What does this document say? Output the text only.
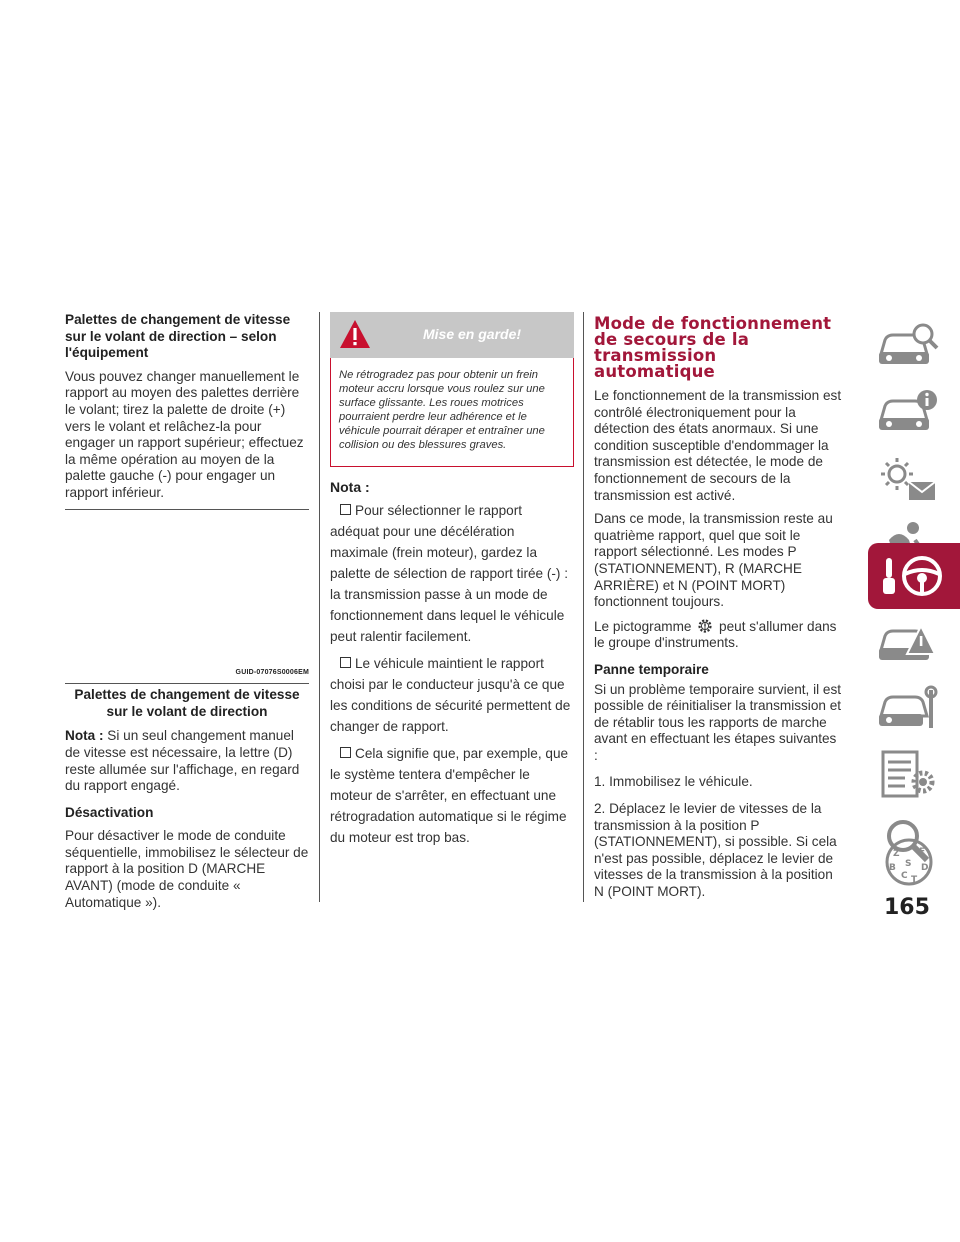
Palettes de changement de vitesse sur le volant de direction – selon l'équipement

Vous pouvez changer manuellement le rapport au moyen des palettes derrière le volant; tirez la palette de droite (+) vers le volant et relâchez-la pour engager un rapport supérieur; effectuez la même opération au moyen de la palette gauche (-) pour engager un rapport inférieur.

GUID-07076S0006EM
Palettes de changement de vitesse sur le volant de direction

Nota : Si un seul changement manuel de vitesse est nécessaire, la lettre (D) reste allumée sur l'affichage, en regard du rapport engagé.

Désactivation

Pour désactiver le mode de conduite séquentielle, immobilisez le sélecteur de rapport à la position D (MARCHE AVANT) (mode de conduite « Automatique »).

Mise en garde!
Ne rétrogradez pas pour obtenir un frein moteur accru lorsque vous roulez sur une surface glissante. Les roues motrices pourraient perdre leur adhérence et le véhicule pourrait déraper et entraîner une collision ou des blessures graves.
Nota :
Pour sélectionner le rapport adéquat pour une décélération maximale (frein moteur), gardez la palette de sélection de rapport tirée (-) : la transmission passe à un mode de fonctionnement dans lequel le véhicule peut ralentir facilement.
Le véhicule maintient le rapport choisi par le conducteur jusqu'à ce que les conditions de sécurité permettent de changer de rapport.
Cela signifie que, par exemple, que le système tentera d'empêcher le moteur de s'arrêter, en effectuant une rétrogradation automatique si le régime du moteur est trop bas.
Mode de fonctionnement de secours de la transmission automatique

Le fonctionnement de la transmission est contrôlé électroniquement pour la détection des états anormaux. Si une condition susceptible d'endommager la transmission est détectée, le mode de fonctionnement de secours de la transmission est activé.

Dans ce mode, la transmission reste au quatrième rapport, quel que soit le rapport sélectionné. Les modes P (STATIONNEMENT), R (MARCHE ARRIÈRE) et N (POINT MORT) fonctionnent toujours.

Le pictogramme peut s'allumer dans le groupe d'instruments.

Panne temporaire

Si un problème temporaire survient, il est possible de réinitialiser la transmission et de rétablir tous les rapports de marche avant en effectuant les étapes suivantes :

1. Immobilisez le véhicule.

2. Déplacez le levier de vitesses de la transmission à la position P (STATIONNEMENT), si possible. Si cela n'est pas possible, déplacez le levier de vitesses de la transmission à la position N (POINT MORT).

Z E
S
B	D
C T
165
